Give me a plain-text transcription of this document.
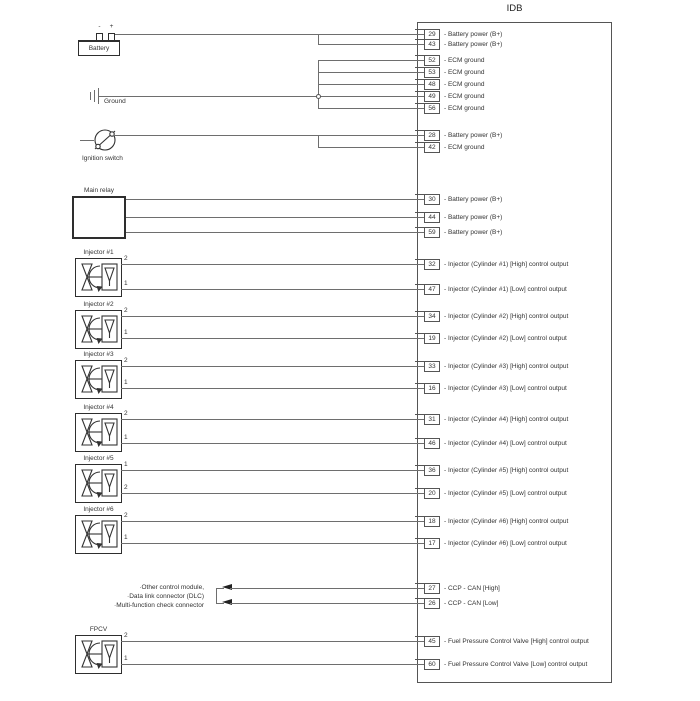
IDB
-	+
Battery
Ground
Ignition switch
Main relay
Injector #1
2
1
Injector #2
2
1
Injector #3
2
1
Injector #4
2
1
Injector #5
1
2
Injector #6
2
1
·Other control module,
·Data link connector (DLC)
·Multi-function check connector
FPCV
2
1
29	- Battery power (B+)
43	- Battery power (B+)
52	- ECM ground
53	- ECM ground
48	- ECM ground
49	- ECM ground
56	- ECM ground
28	- Battery power (B+)
42	- ECM ground
30	- Battery power (B+)
44	- Battery power (B+)
59	- Battery power (B+)
32	- Injector (Cylinder #1) [High] control output
47	- Injector (Cylinder #1) [Low] control output
34	- Injector (Cylinder #2) [High] control output
19	- Injector (Cylinder #2) [Low] control output
33	- Injector (Cylinder #3) [High] control output
16	- Injector (Cylinder #3) [Low] control output
31	- Injector (Cylinder #4) [High] control output
46	- Injector (Cylinder #4) [Low] control output
36	- Injector (Cylinder #5) [High] control output
20	- Injector (Cylinder #5) [Low] control output
18	- Injector (Cylinder #6) [High] control output
17	- Injector (Cylinder #6) [Low] control output
27	- CCP - CAN [High]
26	- CCP - CAN [Low]
45	- Fuel Pressure Control Valve [High] control output
60	- Fuel Pressure Control Valve [Low] control output
